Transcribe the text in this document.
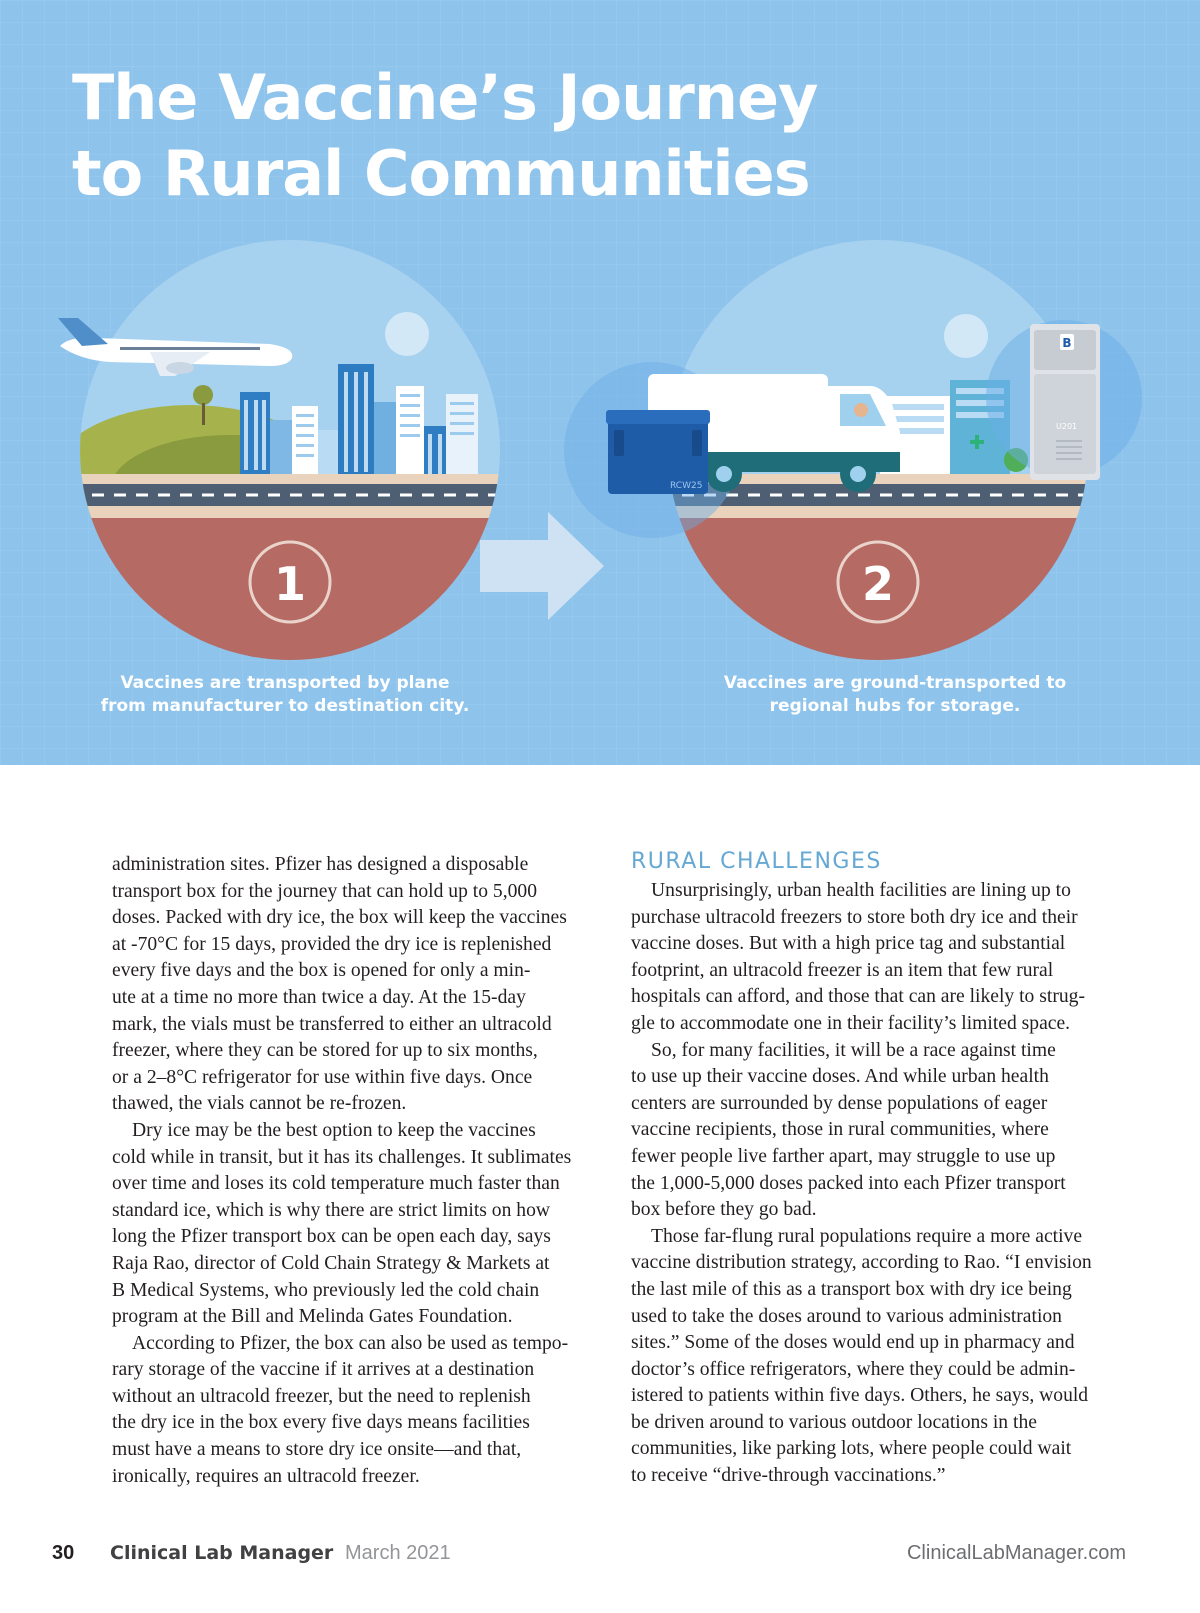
1	2
RCW25
B
U201
The Vaccine’s Journey
to Rural Communities
Vaccines are transported by plane
from manufacturer to destination city.
Vaccines are ground-transported to
regional hubs for storage.

administration sites. Pfizer has designed a disposable

transport box for the journey that can hold up to 5,000

doses. Packed with dry ice, the box will keep the vaccines

at -70°C for 15 days, provided the dry ice is replenished

every five days and the box is opened for only a min-

ute at a time no more than twice a day. At the 15-day

mark, the vials must be transferred to either an ultracold

freezer, where they can be stored for up to six months,

or a 2–8°C refrigerator for use within five days. Once

thawed, the vials cannot be re-frozen.

Dry ice may be the best option to keep the vaccines

cold while in transit, but it has its challenges. It sublimates

over time and loses its cold temperature much faster than

standard ice, which is why there are strict limits on how

long the Pfizer transport box can be open each day, says

Raja Rao, director of Cold Chain Strategy & Markets at

B Medical Systems, who previously led the cold chain

program at the Bill and Melinda Gates Foundation.

According to Pfizer, the box can also be used as tempo-

rary storage of the vaccine if it arrives at a destination

without an ultracold freezer, but the need to replenish

the dry ice in the box every five days means facilities

must have a means to store dry ice onsite—and that,

ironically, requires an ultracold freezer.

RURAL CHALLENGES

Unsurprisingly, urban health facilities are lining up to

purchase ultracold freezers to store both dry ice and their

vaccine doses. But with a high price tag and substantial

footprint, an ultracold freezer is an item that few rural

hospitals can afford, and those that can are likely to strug-

gle to accommodate one in their facility’s limited space.

So, for many facilities, it will be a race against time

to use up their vaccine doses. And while urban health

centers are surrounded by dense populations of eager

vaccine recipients, those in rural communities, where

fewer people live farther apart, may struggle to use up

the 1,000-5,000 doses packed into each Pfizer transport

box before they go bad.

Those far-flung rural populations require a more active

vaccine distribution strategy, according to Rao. “I envision

the last mile of this as a transport box with dry ice being

used to take the doses around to various administration

sites.” Some of the doses would end up in pharmacy and

doctor’s office refrigerators, where they could be admin-

istered to patients within five days. Others, he says, would

be driven around to various outdoor locations in the

communities, like parking lots, where people could wait

to receive “drive-through vaccinations.”

30 Clinical Lab Manager March 2021	ClinicalLabManager.com
